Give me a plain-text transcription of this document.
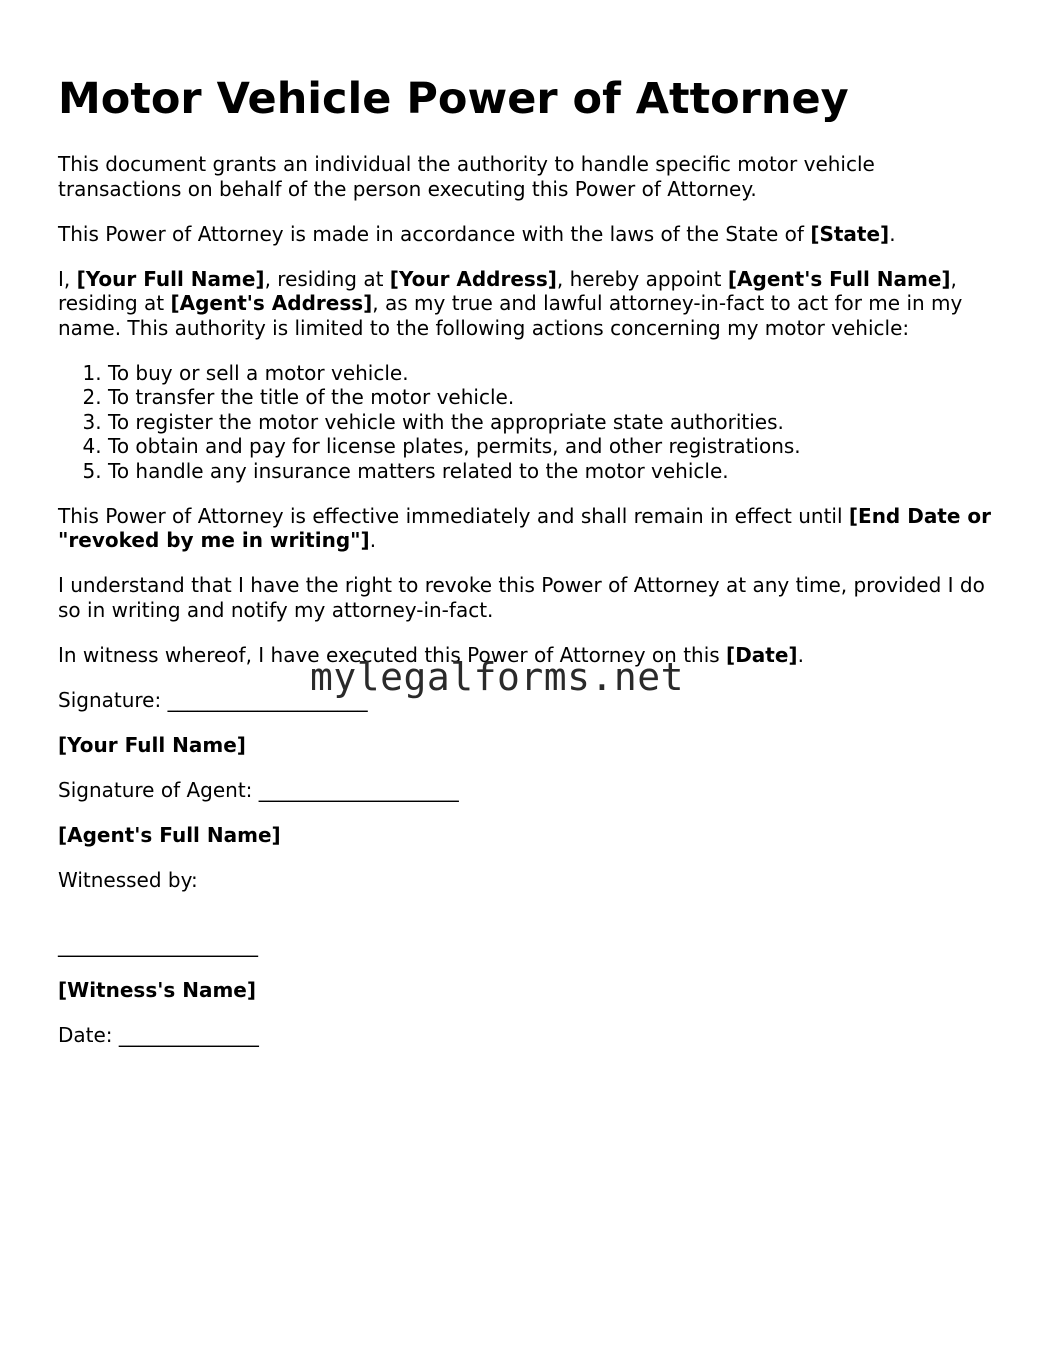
Motor Vehicle Power of Attorney

This document grants an individual the authority to handle specific motor vehicle transactions on behalf of the person executing this Power of Attorney.

This Power of Attorney is made in accordance with the laws of the State of [State].

I, [Your Full Name], residing at [Your Address], hereby appoint [Agent's Full Name], residing at [Agent's Address], as my true and lawful attorney-in-fact to act for me in my name. This authority is limited to the following actions concerning my motor vehicle:

1. To buy or sell a motor vehicle.
2. To transfer the title of the motor vehicle.
3. To register the motor vehicle with the appropriate state authorities.
4. To obtain and pay for license plates, permits, and other registrations.
5. To handle any insurance matters related to the motor vehicle.

This Power of Attorney is effective immediately and shall remain in effect until [End Date or "revoked by me in writing"].

I understand that I have the right to revoke this Power of Attorney at any time, provided I do so in writing and notify my attorney-in-fact.

In witness whereof, I have executed this Power of Attorney on this [Date].

Signature: ____________________

[Your Full Name]

Signature of Agent: ____________________

[Agent's Full Name]

Witnessed by:

____________________

[Witness's Name]

Date: ______________

mylegalforms.net
